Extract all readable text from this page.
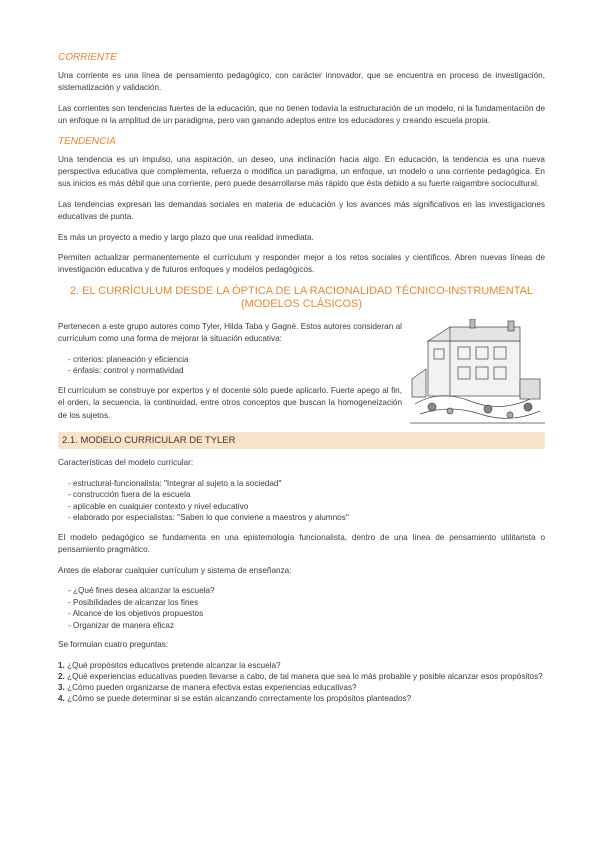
CORRIENTE

Una corriente es una línea de pensamiento pedagógico, con carácter innovador, que se encuentra en proceso de investigación, sistematización y validación.

Las corrientes son tendencias fuertes de la educación, que no tienen todavía la estructuración de un modelo, ni la fundamentación de un enfoque ni la amplitud de un paradigma, pero van ganando adeptos entre los educadores y creando escuela propia.

TENDENCIA

Una tendencia es un impulso, una aspiración, un deseo, una inclinación hacia algo. En educación, la tendencia es una nueva perspectiva educativa que complementa, refuerza o modifica un paradigma, un enfoque, un modelo o una corriente pedagógica. En sus inicios es más débil que una corriente, pero puede desarrollarse más rápido que ésta debido a su fuerte raigambre sociocultural.

Las tendencias expresan las demandas sociales en materia de educación y los avances más significativos en las investigaciones educativas de punta.

Es más un proyecto a medio y largo plazo que una realidad inmediata.

Permiten actualizar permanentemente el currículum y responder mejor a los retos sociales y científicos. Abren nuevas líneas de investigación educativa y de futuros enfoques y modelos pedagógicos.

2. EL CURRÍCULUM DESDE LA ÓPTICA DE LA RACIONALIDAD TÉCNICO-INSTRUMENTAL
(MODELOS CLÁSICOS)

Pertenecen a este grupo autores como Tyler, Hilda Taba y Gagné. Estos autores consideran al currículum como una forma de mejorar la situación educativa:

- criterios: planeación y eficiencia
- énfasis: control y normatividad

El currículum se construye por expertos y el docente sólo puede aplicarlo. Fuerte apego al fin, el orden, la secuencia, la continuidad, entre otros conceptos que buscan la homogeneización de los sujetos.

2.1. MODELO CURRICULAR DE TYLER

Características del modelo curricular:

- estructural-funcionalista: "Integrar al sujeto a la sociedad"
- construcción fuera de la escuela
- aplicable en cualquier contexto y nivel educativo
- elaborado por especialistas: "Saben lo que conviene a maestros y alumnos"

El modelo pedagógico se fundamenta en una epistemología funcionalista, dentro de una línea de pensamiento utilitarista o pensamiento pragmático.

Antes de elaborar cualquier currículum y sistema de enseñanza:

- ¿Qué fines desea alcanzar la escuela?
- Posibilidades de alcanzar los fines
- Alcance de los objetivos propuestos
- Organizar de manera eficaz

Se formulan cuatro preguntas:

1. ¿Qué propósitos educativos pretende alcanzar la escuela?
2. ¿Qué experiencias educativas pueden llevarse a cabo, de tal manera que sea lo más probable y posible alcanzar esos propósitos?
3. ¿Cómo pueden organizarse de manera efectiva estas experiencias educativas?
4. ¿Cómo se puede determinar si se están alcanzando correctamente los propósitos planteados?
